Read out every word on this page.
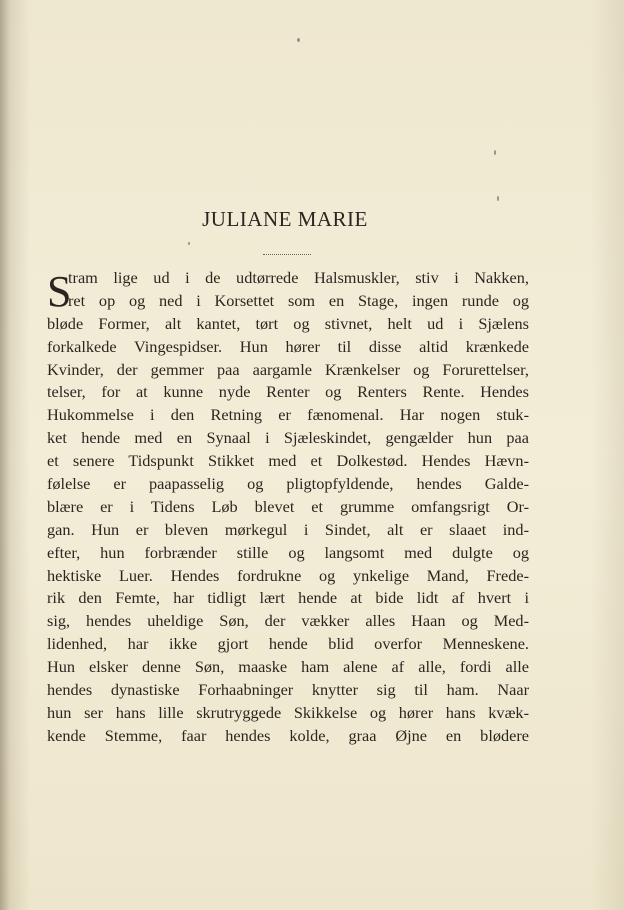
JULIANE MARIE
S
tram lige ud i de udtørrede Halsmuskler, stiv i Nakken,
ret op og ned i Korsettet som en Stage, ingen runde og
bløde Former, alt kantet, tørt og stivnet, helt ud i Sjælens
forkalkede Vingespidser. Hun hører til disse altid krænkede
Kvinder, der gemmer paa aargamle Krænkelser og Forurettelser,
telser, for at kunne nyde Renter og Renters Rente. Hendes
Hukommelse i den Retning er fænomenal. Har nogen stuk-
ket hende med en Synaal i Sjæleskindet, gengælder hun paa
et senere Tidspunkt Stikket med et Dolkestød. Hendes Hævn-
følelse er paapasselig og pligtopfyldende, hendes Galde-
blære er i Tidens Løb blevet et grumme omfangsrigt Or-
gan. Hun er bleven mørkegul i Sindet, alt er slaaet ind-
efter, hun forbrænder stille og langsomt med dulgte og
hektiske Luer. Hendes fordrukne og ynkelige Mand, Frede-
rik den Femte, har tidligt lært hende at bide lidt af hvert i
sig, hendes uheldige Søn, der vækker alles Haan og Med-
lidenhed, har ikke gjort hende blid overfor Menneskene.
Hun elsker denne Søn, maaske ham alene af alle, fordi alle
hendes dynastiske Forhaabninger knytter sig til ham. Naar
hun ser hans lille skrutryggede Skikkelse og hører hans kvæk-
kende Stemme, faar hendes kolde, graa Øjne en blødere
